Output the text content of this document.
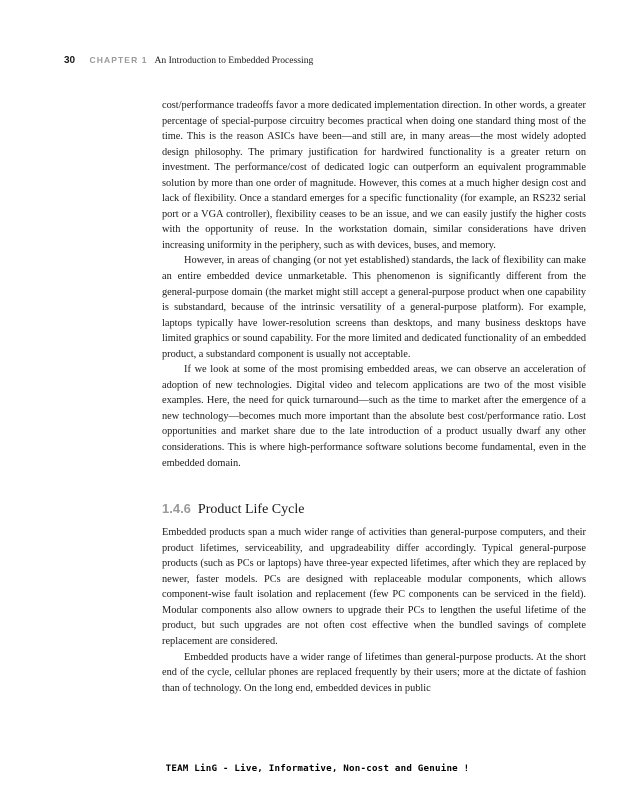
30 CHAPTER 1 An Introduction to Embedded Processing

cost/performance tradeoffs favor a more dedicated implementation direction. In other words, a greater percentage of special-purpose circuitry becomes practical when doing one standard thing most of the time. This is the reason ASICs have been—and still are, in many areas—the most widely adopted design philosophy. The primary justification for hardwired functionality is a greater return on investment. The performance/cost of dedicated logic can outperform an equivalent programmable solution by more than one order of magnitude. However, this comes at a much higher design cost and lack of flexibility. Once a standard emerges for a specific functionality (for example, an RS232 serial port or a VGA controller), flexibility ceases to be an issue, and we can easily justify the higher costs with the opportunity of reuse. In the workstation domain, similar considerations have driven increasing uniformity in the periphery, such as with devices, buses, and memory.

However, in areas of changing (or not yet established) standards, the lack of flexibility can make an entire embedded device unmarketable. This phenomenon is significantly different from the general-purpose domain (the market might still accept a general-purpose product when one capability is substandard, because of the intrinsic versatility of a general-purpose platform). For example, laptops typically have lower-resolution screens than desktops, and many business desktops have limited graphics or sound capability. For the more limited and dedicated functionality of an embedded product, a substandard component is usually not acceptable.

If we look at some of the most promising embedded areas, we can observe an acceleration of adoption of new technologies. Digital video and telecom applications are two of the most visible examples. Here, the need for quick turnaround—such as the time to market after the emergence of a new technology—becomes much more important than the absolute best cost/performance ratio. Lost opportunities and market share due to the late introduction of a product usually dwarf any other considerations. This is where high-performance software solutions become fundamental, even in the embedded domain.

1.4.6 Product Life Cycle

Embedded products span a much wider range of activities than general-purpose computers, and their product lifetimes, serviceability, and upgradeability differ accordingly. Typical general-purpose products (such as PCs or laptops) have three-year expected lifetimes, after which they are replaced by newer, faster models. PCs are designed with replaceable modular components, which allows component-wise fault isolation and replacement (few PC components can be serviced in the field). Modular components also allow owners to upgrade their PCs to lengthen the useful lifetime of the product, but such upgrades are not often cost effective when the bundled savings of complete replacement are considered.

Embedded products have a wider range of lifetimes than general-purpose products. At the short end of the cycle, cellular phones are replaced frequently by their users; more at the dictate of fashion than of technology. On the long end, embedded devices in public

TEAM LinG - Live, Informative, Non-cost and Genuine !
